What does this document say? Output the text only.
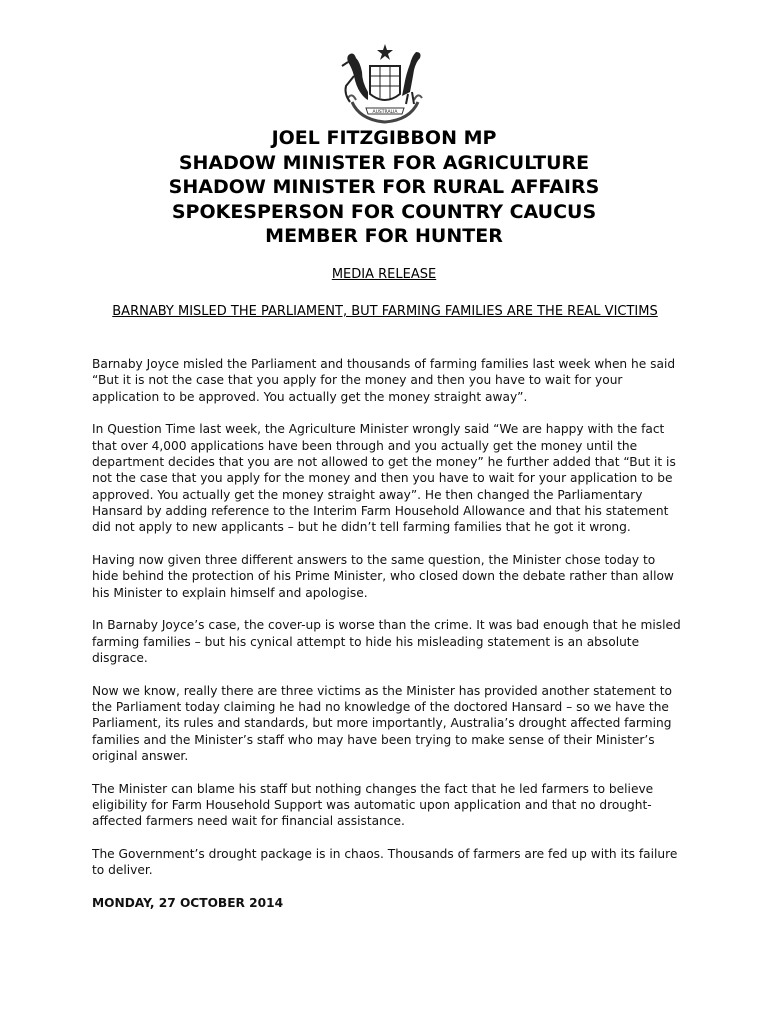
AUSTRALIA
JOEL FITZGIBBON MP
SHADOW MINISTER FOR AGRICULTURE
SHADOW MINISTER FOR RURAL AFFAIRS
SPOKESPERSON FOR COUNTRY CAUCUS
MEMBER FOR HUNTER
MEDIA RELEASE
BARNABY MISLED THE PARLIAMENT, BUT FARMING FAMILIES ARE THE REAL VICTIMS

Barnaby Joyce misled the Parliament and thousands of farming families last week when he said “But it is not the case that you apply for the money and then you have to wait for your application to be approved. You actually get the money straight away”.

In Question Time last week, the Agriculture Minister wrongly said “We are happy with the fact that over 4,000 applications have been through and you actually get the money until the department decides that you are not allowed to get the money” he further added that “But it is not the case that you apply for the money and then you have to wait for your application to be approved. You actually get the money straight away”. He then changed the Parliamentary Hansard by adding reference to the Interim Farm Household Allowance and that his statement did not apply to new applicants – but he didn’t tell farming families that he got it wrong.

Having now given three different answers to the same question, the Minister chose today to hide behind the protection of his Prime Minister, who closed down the debate rather than allow his Minister to explain himself and apologise.

In Barnaby Joyce’s case, the cover-up is worse than the crime. It was bad enough that he misled farming families – but his cynical attempt to hide his misleading statement is an absolute disgrace.

Now we know, really there are three victims as the Minister has provided another statement to the Parliament today claiming he had no knowledge of the doctored Hansard – so we have the Parliament, its rules and standards, but more importantly, Australia’s drought affected farming families and the Minister’s staff who may have been trying to make sense of their Minister’s original answer.

The Minister can blame his staff but nothing changes the fact that he led farmers to believe eligibility for Farm Household Support was automatic upon application and that no drought-affected farmers need wait for financial assistance.

The Government’s drought package is in chaos. Thousands of farmers are fed up with its failure to deliver.

MONDAY, 27 OCTOBER 2014
